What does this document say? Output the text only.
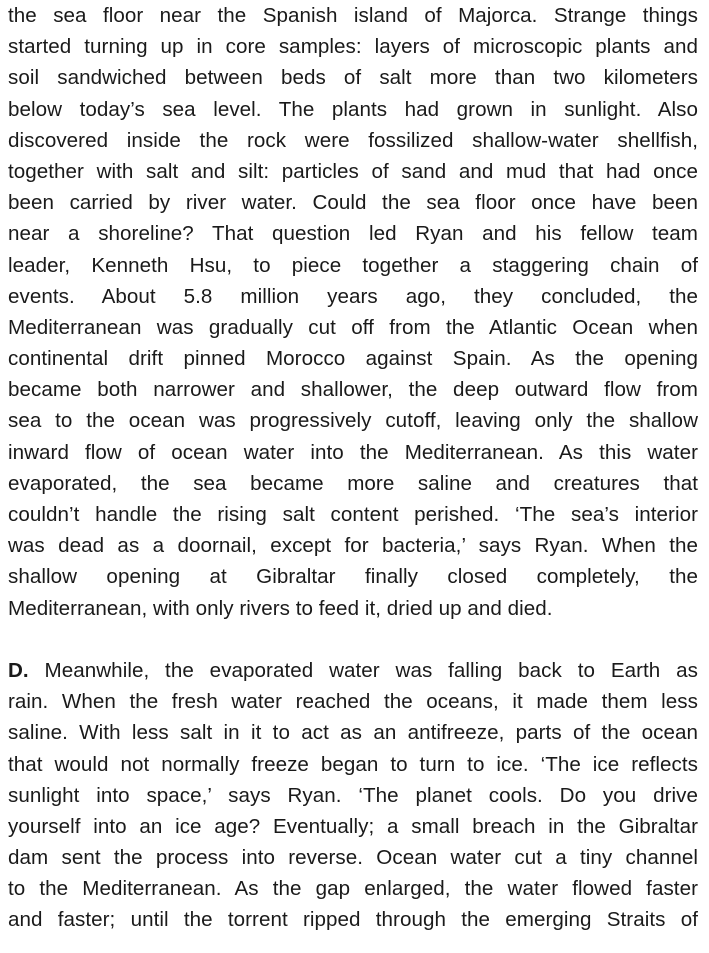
the sea floor near the Spanish island of Majorca. Strange things
started turning up in core samples: layers of microscopic plants and
soil sandwiched between beds of salt more than two kilometers
below today’s sea level. The plants had grown in sunlight. Also
discovered inside the rock were fossilized shallow-water shellfish,
together with salt and silt: particles of sand and mud that had once
been carried by river water. Could the sea floor once have been
near a shoreline? That question led Ryan and his fellow team
leader, Kenneth Hsu, to piece together a staggering chain of
events. About 5.8 million years ago, they concluded, the
Mediterranean was gradually cut off from the Atlantic Ocean when
continental drift pinned Morocco against Spain. As the opening
became both narrower and shallower, the deep outward flow from
sea to the ocean was progressively cutoff, leaving only the shallow
inward flow of ocean water into the Mediterranean. As this water
evaporated, the sea became more saline and creatures that
couldn’t handle the rising salt content perished. ‘The sea’s interior
was dead as a doornail, except for bacteria,’ says Ryan. When the
shallow opening at Gibraltar finally closed completely, the
Mediterranean, with only rivers to feed it, dried up and died.
D. Meanwhile, the evaporated water was falling back to Earth as
rain. When the fresh water reached the oceans, it made them less
saline. With less salt in it to act as an antifreeze, parts of the ocean
that would not normally freeze began to turn to ice. ‘The ice reflects
sunlight into space,’ says Ryan. ‘The planet cools. Do you drive
yourself into an ice age? Eventually; a small breach in the Gibraltar
dam sent the process into reverse. Ocean water cut a tiny channel
to the Mediterranean. As the gap enlarged, the water flowed faster
and faster; until the torrent ripped through the emerging Straits of
